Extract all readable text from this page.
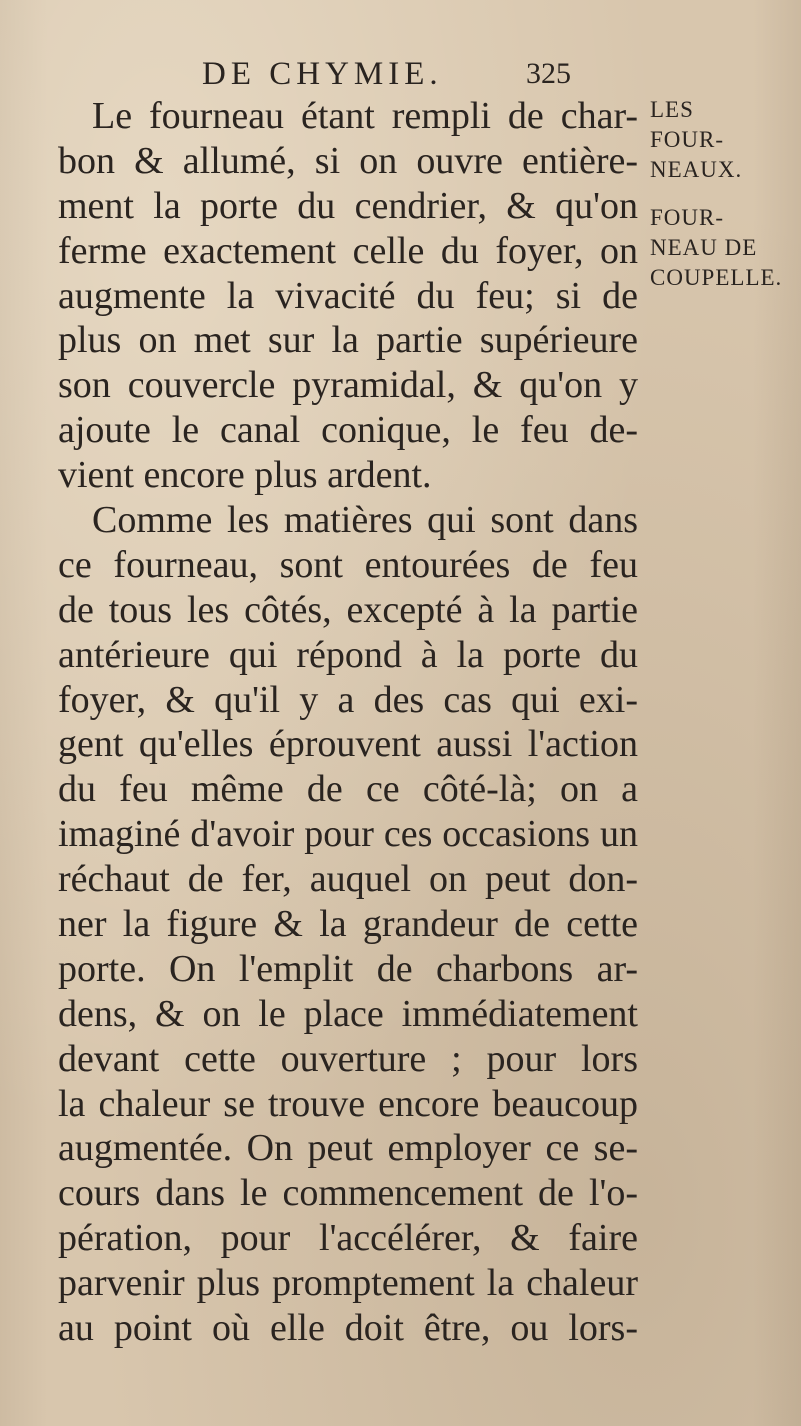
DE CHYMIE.	325
Le fourneau étant rempli de char-
bon & allumé, si on ouvre entière-
ment la porte du cendrier, & qu'on
ferme exactement celle du foyer, on
augmente la vivacité du feu; si de
plus on met sur la partie supérieure
son couvercle pyramidal, & qu'on y
ajoute le canal conique, le feu de-
vient encore plus ardent.
Comme les matières qui sont dans
ce fourneau, sont entourées de feu
de tous les côtés, excepté à la partie
antérieure qui répond à la porte du
foyer, & qu'il y a des cas qui exi-
gent qu'elles éprouvent aussi l'action
du feu même de ce côté-là; on a
imaginé d'avoir pour ces occasions un
réchaut de fer, auquel on peut don-
ner la figure & la grandeur de cette
porte. On l'emplit de charbons ar-
dens, & on le place immédiatement
devant cette ouverture ; pour lors
la chaleur se trouve encore beaucoup
augmentée. On peut employer ce se-
cours dans le commencement de l'o-
pération, pour l'accélérer, & faire
parvenir plus promptement la chaleur
au point où elle doit être, ou lors-
LES
FOUR-
NEAUX.
FOUR-
NEAU DE
COUPELLE.
